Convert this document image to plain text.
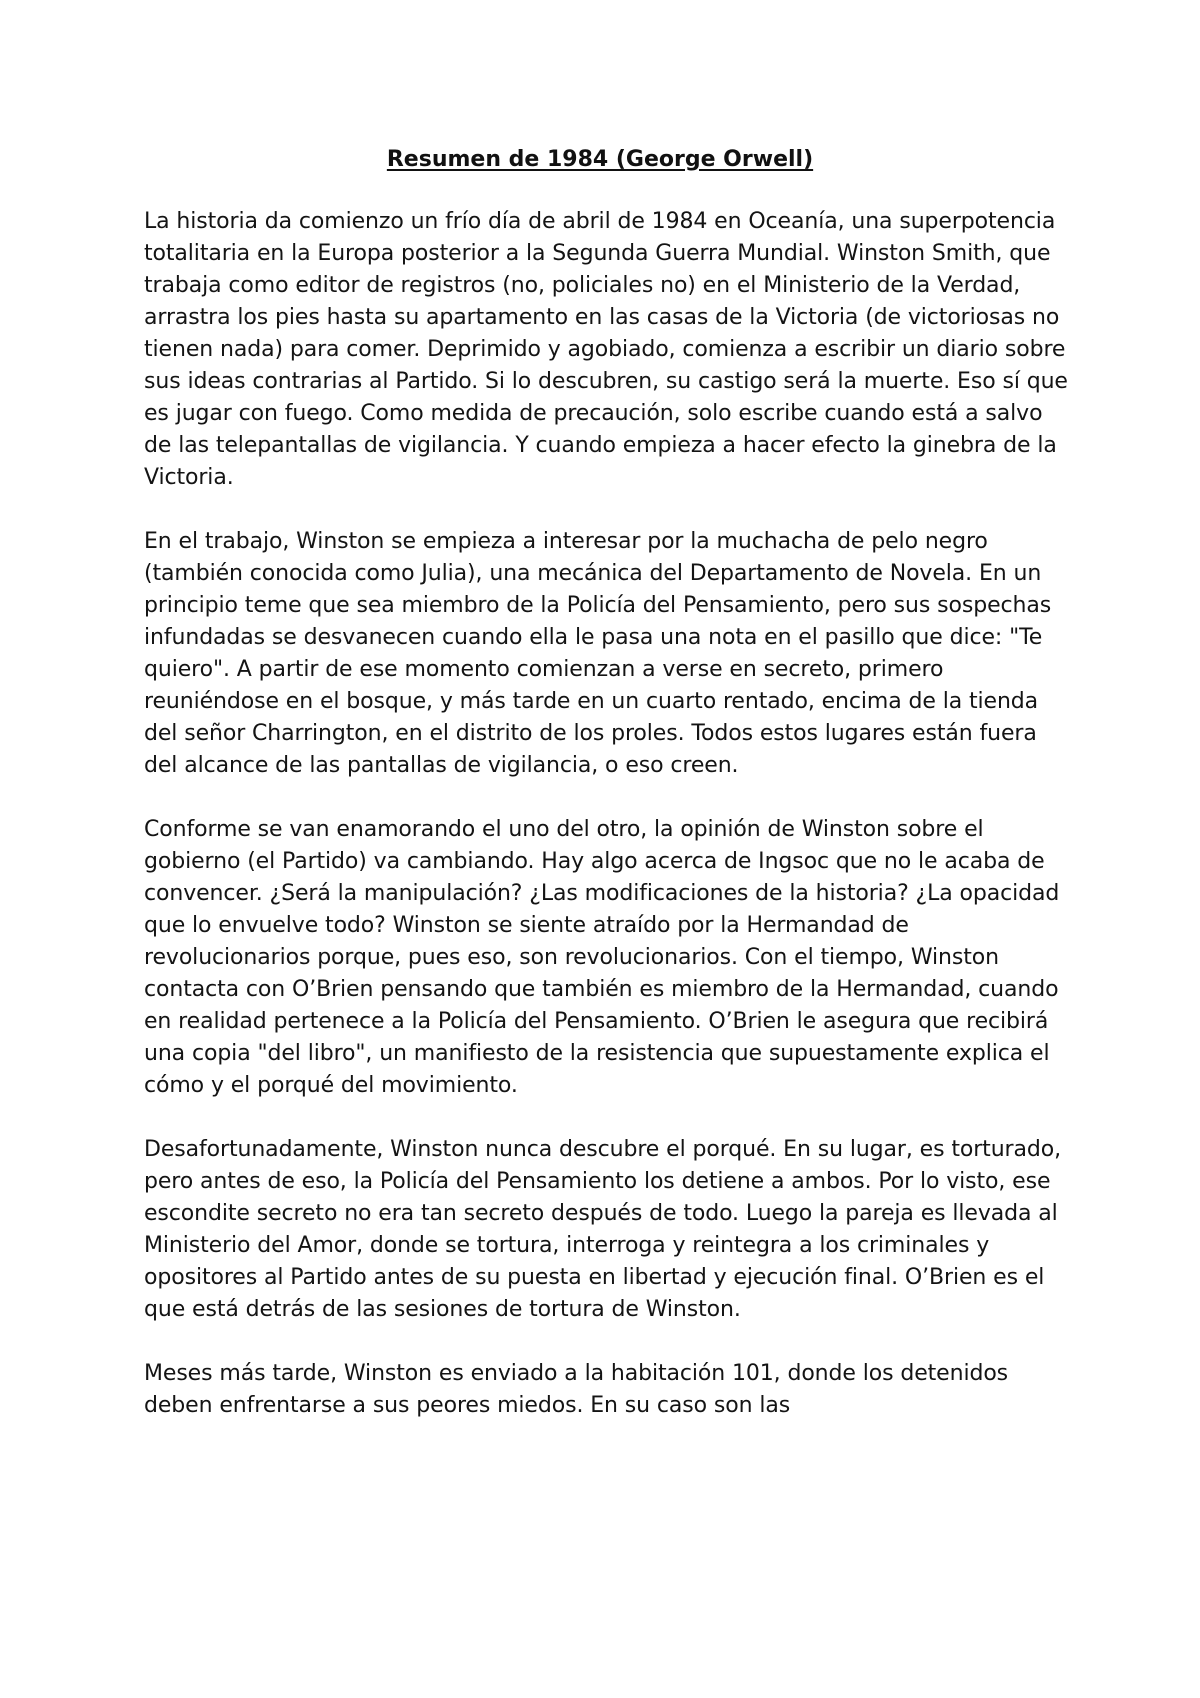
Resumen de 1984 (George Orwell)

La historia da comienzo un frío día de abril de 1984 en Oceanía, una superpotencia totalitaria en la Europa posterior a la Segunda Guerra Mundial. Winston Smith, que trabaja como editor de registros (no, policiales no) en el Ministerio de la Verdad, arrastra los pies hasta su apartamento en las casas de la Victoria (de victoriosas no tienen nada) para comer. Deprimido y agobiado, comienza a escribir un diario sobre sus ideas contrarias al Partido. Si lo descubren, su castigo será la muerte. Eso sí que es jugar con fuego. Como medida de precaución, solo escribe cuando está a salvo de las telepantallas de vigilancia. Y cuando empieza a hacer efecto la ginebra de la Victoria.

En el trabajo, Winston se empieza a interesar por la muchacha de pelo negro (también conocida como Julia), una mecánica del Departamento de Novela. En un principio teme que sea miembro de la Policía del Pensamiento, pero sus sospechas infundadas se desvanecen cuando ella le pasa una nota en el pasillo que dice: "Te quiero". A partir de ese momento comienzan a verse en secreto, primero reuniéndose en el bosque, y más tarde en un cuarto rentado, encima de la tienda del señor Charrington, en el distrito de los proles. Todos estos lugares están fuera del alcance de las pantallas de vigilancia, o eso creen.

Conforme se van enamorando el uno del otro, la opinión de Winston sobre el gobierno (el Partido) va cambiando. Hay algo acerca de Ingsoc que no le acaba de convencer. ¿Será la manipulación? ¿Las modificaciones de la historia? ¿La opacidad que lo envuelve todo? Winston se siente atraído por la Hermandad de revolucionarios porque, pues eso, son revolucionarios. Con el tiempo, Winston contacta con O’Brien pensando que también es miembro de la Hermandad, cuando en realidad pertenece a la Policía del Pensamiento. O’Brien le asegura que recibirá una copia "del libro", un manifiesto de la resistencia que supuestamente explica el cómo y el porqué del movimiento.

Desafortunadamente, Winston nunca descubre el porqué. En su lugar, es torturado, pero antes de eso, la Policía del Pensamiento los detiene a ambos. Por lo visto, ese escondite secreto no era tan secreto después de todo. Luego la pareja es llevada al Ministerio del Amor, donde se tortura, interroga y reintegra a los criminales y opositores al Partido antes de su puesta en libertad y ejecución final. O’Brien es el que está detrás de las sesiones de tortura de Winston.

Meses más tarde, Winston es enviado a la habitación 101, donde los detenidos deben enfrentarse a sus peores miedos. En su caso son las
